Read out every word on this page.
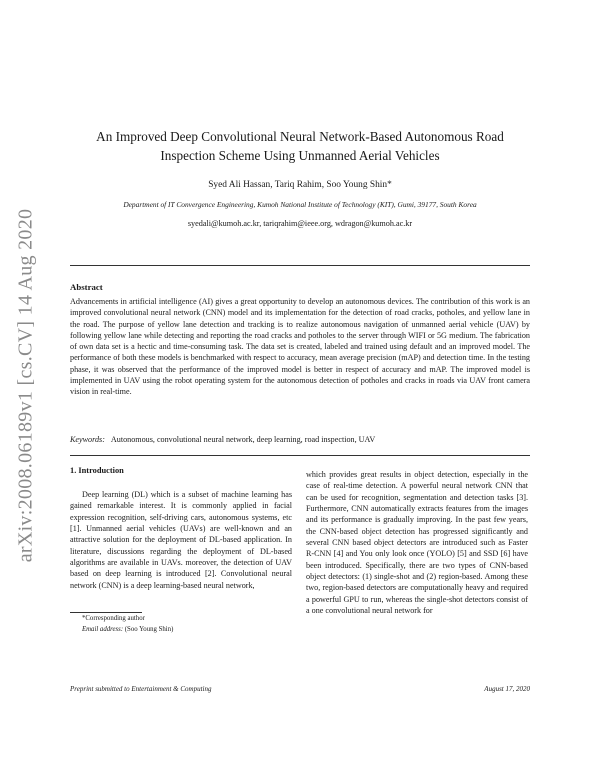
arXiv:2008.06189v1 [cs.CV] 14 Aug 2020
An Improved Deep Convolutional Neural Network-Based Autonomous Road Inspection Scheme Using Unmanned Aerial Vehicles
Syed Ali Hassan, Tariq Rahim, Soo Young Shin*
Department of IT Convergence Engineering, Kumoh National Institute of Technology (KIT), Gumi, 39177, South Korea
syedali@kumoh.ac.kr, tariqrahim@ieee.org, wdragon@kumoh.ac.kr
Abstract
Advancements in artificial intelligence (AI) gives a great opportunity to develop an autonomous devices. The contribution of this work is an improved convolutional neural network (CNN) model and its implementation for the detection of road cracks, potholes, and yellow lane in the road. The purpose of yellow lane detection and tracking is to realize autonomous navigation of unmanned aerial vehicle (UAV) by following yellow lane while detecting and reporting the road cracks and potholes to the server through WIFI or 5G medium. The fabrication of own data set is a hectic and time-consuming task. The data set is created, labeled and trained using default and an improved model. The performance of both these models is benchmarked with respect to accuracy, mean average precision (mAP) and detection time. In the testing phase, it was observed that the performance of the improved model is better in respect of accuracy and mAP. The improved model is implemented in UAV using the robot operating system for the autonomous detection of potholes and cracks in roads via UAV front camera vision in real-time.
Keywords: Autonomous, convolutional neural network, deep learning, road inspection, UAV
1. Introduction
Deep learning (DL) which is a subset of machine learning has gained remarkable interest. It is commonly applied in facial expression recognition, self-driving cars, autonomous systems, etc [1]. Unmanned aerial vehicles (UAVs) are well-known and an attractive solution for the deployment of DL-based application. In literature, discussions regarding the deployment of DL-based algorithms are available in UAVs. moreover, the detection of UAV based on deep learning is introduced [2]. Convolutional neural network (CNN) is a deep learning-based neural network,
which provides great results in object detection, especially in the case of real-time detection. A powerful neural network CNN that can be used for recognition, segmentation and detection tasks [3]. Furthermore, CNN automatically extracts features from the images and its performance is gradually improving. In the past few years, the CNN-based object detection has progressed significantly and several CNN based object detectors are introduced such as Faster R-CNN [4] and You only look once (YOLO) [5] and SSD [6] have been introduced. Specifically, there are two types of CNN-based object detectors: (1) single-shot and (2) region-based. Among these two, region-based detectors are computationally heavy and required a powerful GPU to run, whereas the single-shot detectors consist of a one convolutional neural network for
*Corresponding author
Email address: (Soo Young Shin)
Preprint submitted to Entertainment & Computing	August 17, 2020
